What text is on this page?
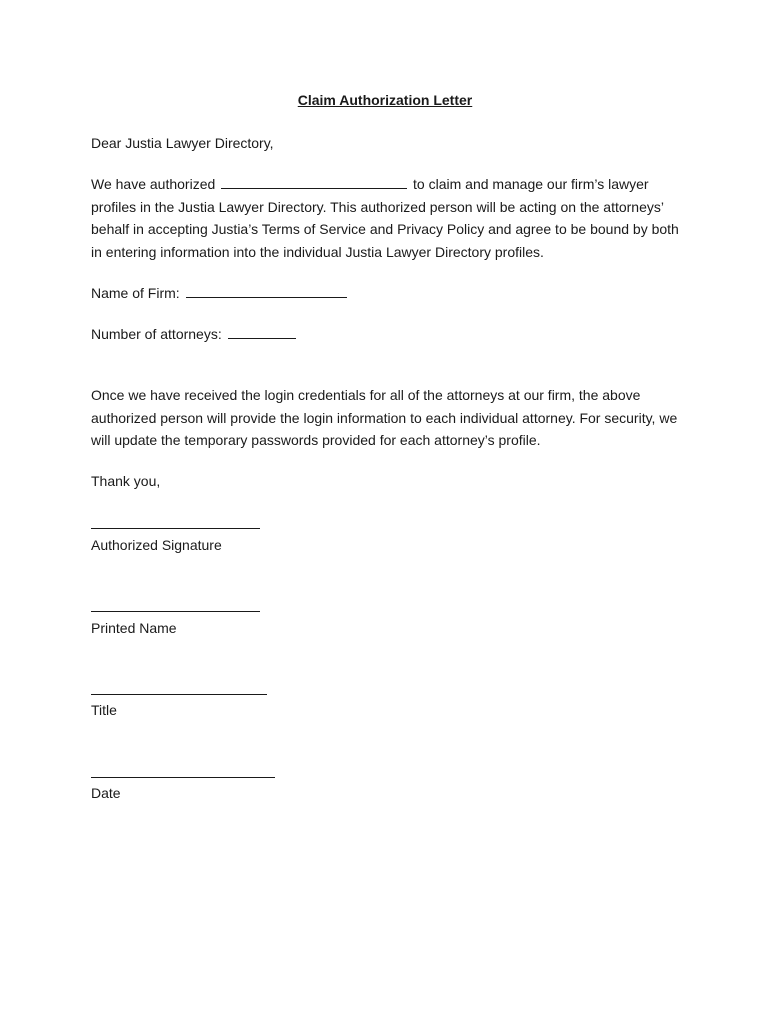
Claim Authorization Letter
Dear Justia Lawyer Directory,
We have authorized	to claim and manage our firm’s lawyer
profiles in the Justia Lawyer Directory. This authorized person will be acting on the attorneys’
behalf in accepting Justia’s Terms of Service and Privacy Policy and agree to be bound by both
in entering information into the individual Justia Lawyer Directory profiles.
Name of Firm:
Number of attorneys:
Once we have received the login credentials for all of the attorneys at our firm, the above
authorized person will provide the login information to each individual attorney. For security, we
will update the temporary passwords provided for each attorney’s profile.
Thank you,
Authorized Signature
Printed Name
Title
Date
